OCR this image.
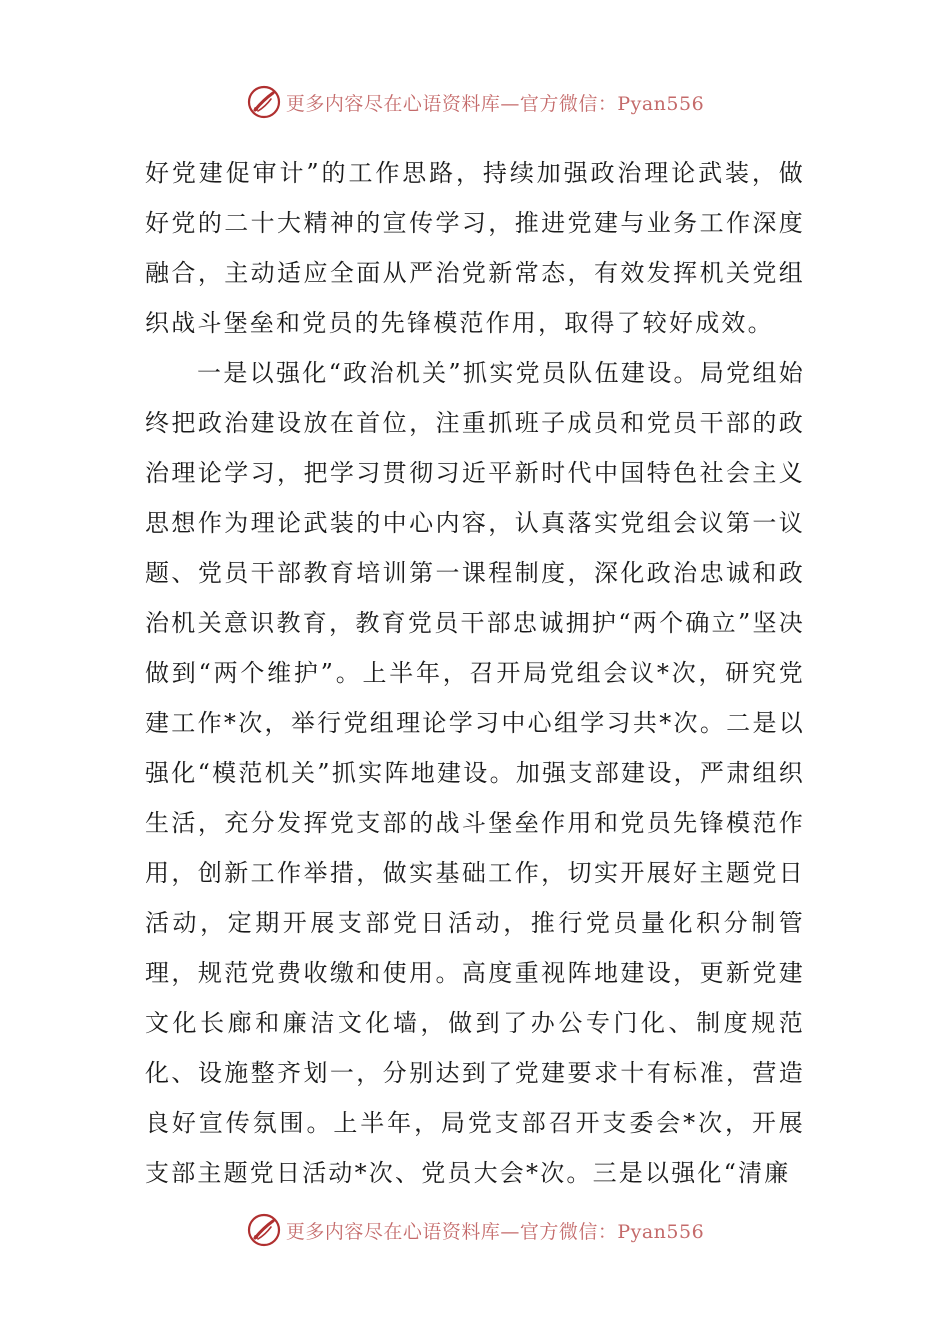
更多内容尽在心语资料库—官方微信：Pyan556

好党建促审计”的工作思路，持续加强政治理论武装，做好党的二十大精神的宣传学习，推进党建与业务工作深度融合，主动适应全面从严治党新常态，有效发挥机关党组织战斗堡垒和党员的先锋模范作用，取得了较好成效。

一是以强化“政治机关”抓实党员队伍建设。局党组始终把政治建设放在首位，注重抓班子成员和党员干部的政治理论学习，把学习贯彻习近平新时代中国特色社会主义思想作为理论武装的中心内容，认真落实党组会议第一议题、党员干部教育培训第一课程制度，深化政治忠诚和政治机关意识教育，教育党员干部忠诚拥护“两个确立”坚决做到“两个维护”。上半年，召开局党组会议*次，研究党建工作*次，举行党组理论学习中心组学习共*次。二是以强化“模范机关”抓实阵地建设。加强支部建设，严肃组织生活，充分发挥党支部的战斗堡垒作用和党员先锋模范作用，创新工作举措，做实基础工作，切实开展好主题党日活动，定期开展支部党日活动，推行党员量化积分制管理，规范党费收缴和使用。高度重视阵地建设，更新党建文化长廊和廉洁文化墙，做到了办公专门化、制度规范化、设施整齐划一，分别达到了党建要求十有标准，营造良好宣传氛围。上半年，局党支部召开支委会*次，开展支部主题党日活动*次、党员大会*次。三是以强化“清廉

更多内容尽在心语资料库—官方微信：Pyan556
